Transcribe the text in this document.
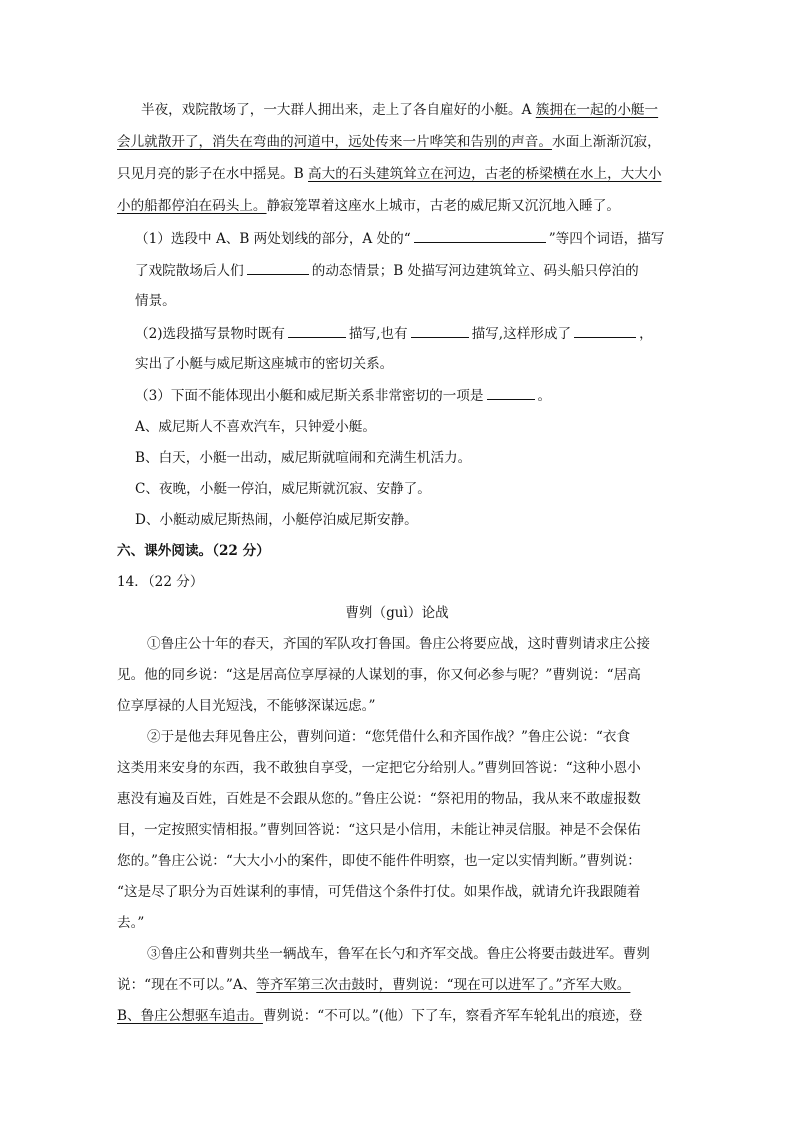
半夜，戏院散场了，一大群人拥出来，走上了各自雇好的小艇。A 簇拥在一起的小艇一
会儿就散开了，消失在弯曲的河道中，远处传来一片哗笑和告别的声音。水面上渐渐沉寂，
只见月亮的影子在水中摇晃。B 高大的石头建筑耸立在河边，古老的桥梁横在水上，大大小
小的船都停泊在码头上。静寂笼罩着这座水上城市，古老的威尼斯又沉沉地入睡了。
（1）选段中 A、B 两处划线的部分，A 处的“	”等四个词语，描写
了戏院散场后人们	的动态情景；B 处描写河边建筑耸立、码头船只停泊的
情景。
（2)选段描写景物时既有	描写,也有	描写,这样形成了	，
实出了小艇与威尼斯这座城市的密切关系。
（3）下面不能体现出小艇和威尼斯关系非常密切的一项是	。
A、威尼斯人不喜欢汽车，只钟爱小艇。
B、白天，小艇一出动，威尼斯就喧闹和充满生机活力。
C、夜晚，小艇一停泊，威尼斯就沉寂、安静了。
D、小艇动威尼斯热闹，小艇停泊威尼斯安静。
六、课外阅读。（22 分）
14．（22 分）
曹刿（guì）论战
①鲁庄公十年的春天，齐国的军队攻打鲁国。鲁庄公将要应战，这时曹刿请求庄公接
见。他的同乡说：“这是居高位享厚禄的人谋划的事，你又何必参与呢？”曹刿说：“居高
位享厚禄的人目光短浅，不能够深谋远虑。”
②于是他去拜见鲁庄公，曹刿问道：“您凭借什么和齐国作战？”鲁庄公说：“衣食
这类用来安身的东西，我不敢独自享受，一定把它分给别人。”曹刿回答说：“这种小恩小
惠没有遍及百姓，百姓是不会跟从您的。”鲁庄公说：“祭祀用的物品，我从来不敢虚报数
目，一定按照实情相报。”曹刿回答说：“这只是小信用，未能让神灵信服。神是不会保佑
您的。”鲁庄公说：“大大小小的案件，即使不能件件明察，也一定以实情判断。”曹刿说：
“这是尽了职分为百姓谋利的事情，可凭借这个条件打仗。如果作战，就请允许我跟随着
去。”
③鲁庄公和曹刿共坐一辆战车，鲁军在长勺和齐军交战。鲁庄公将要击鼓进军。曹刿
说：“现在不可以。”A、等齐军第三次击鼓时，曹刿说：“现在可以进军了。”齐军大败。
B、鲁庄公想驱车追击。曹刿说：“不可以。”(他）下了车，察看齐军车轮轧出的痕迹，登
